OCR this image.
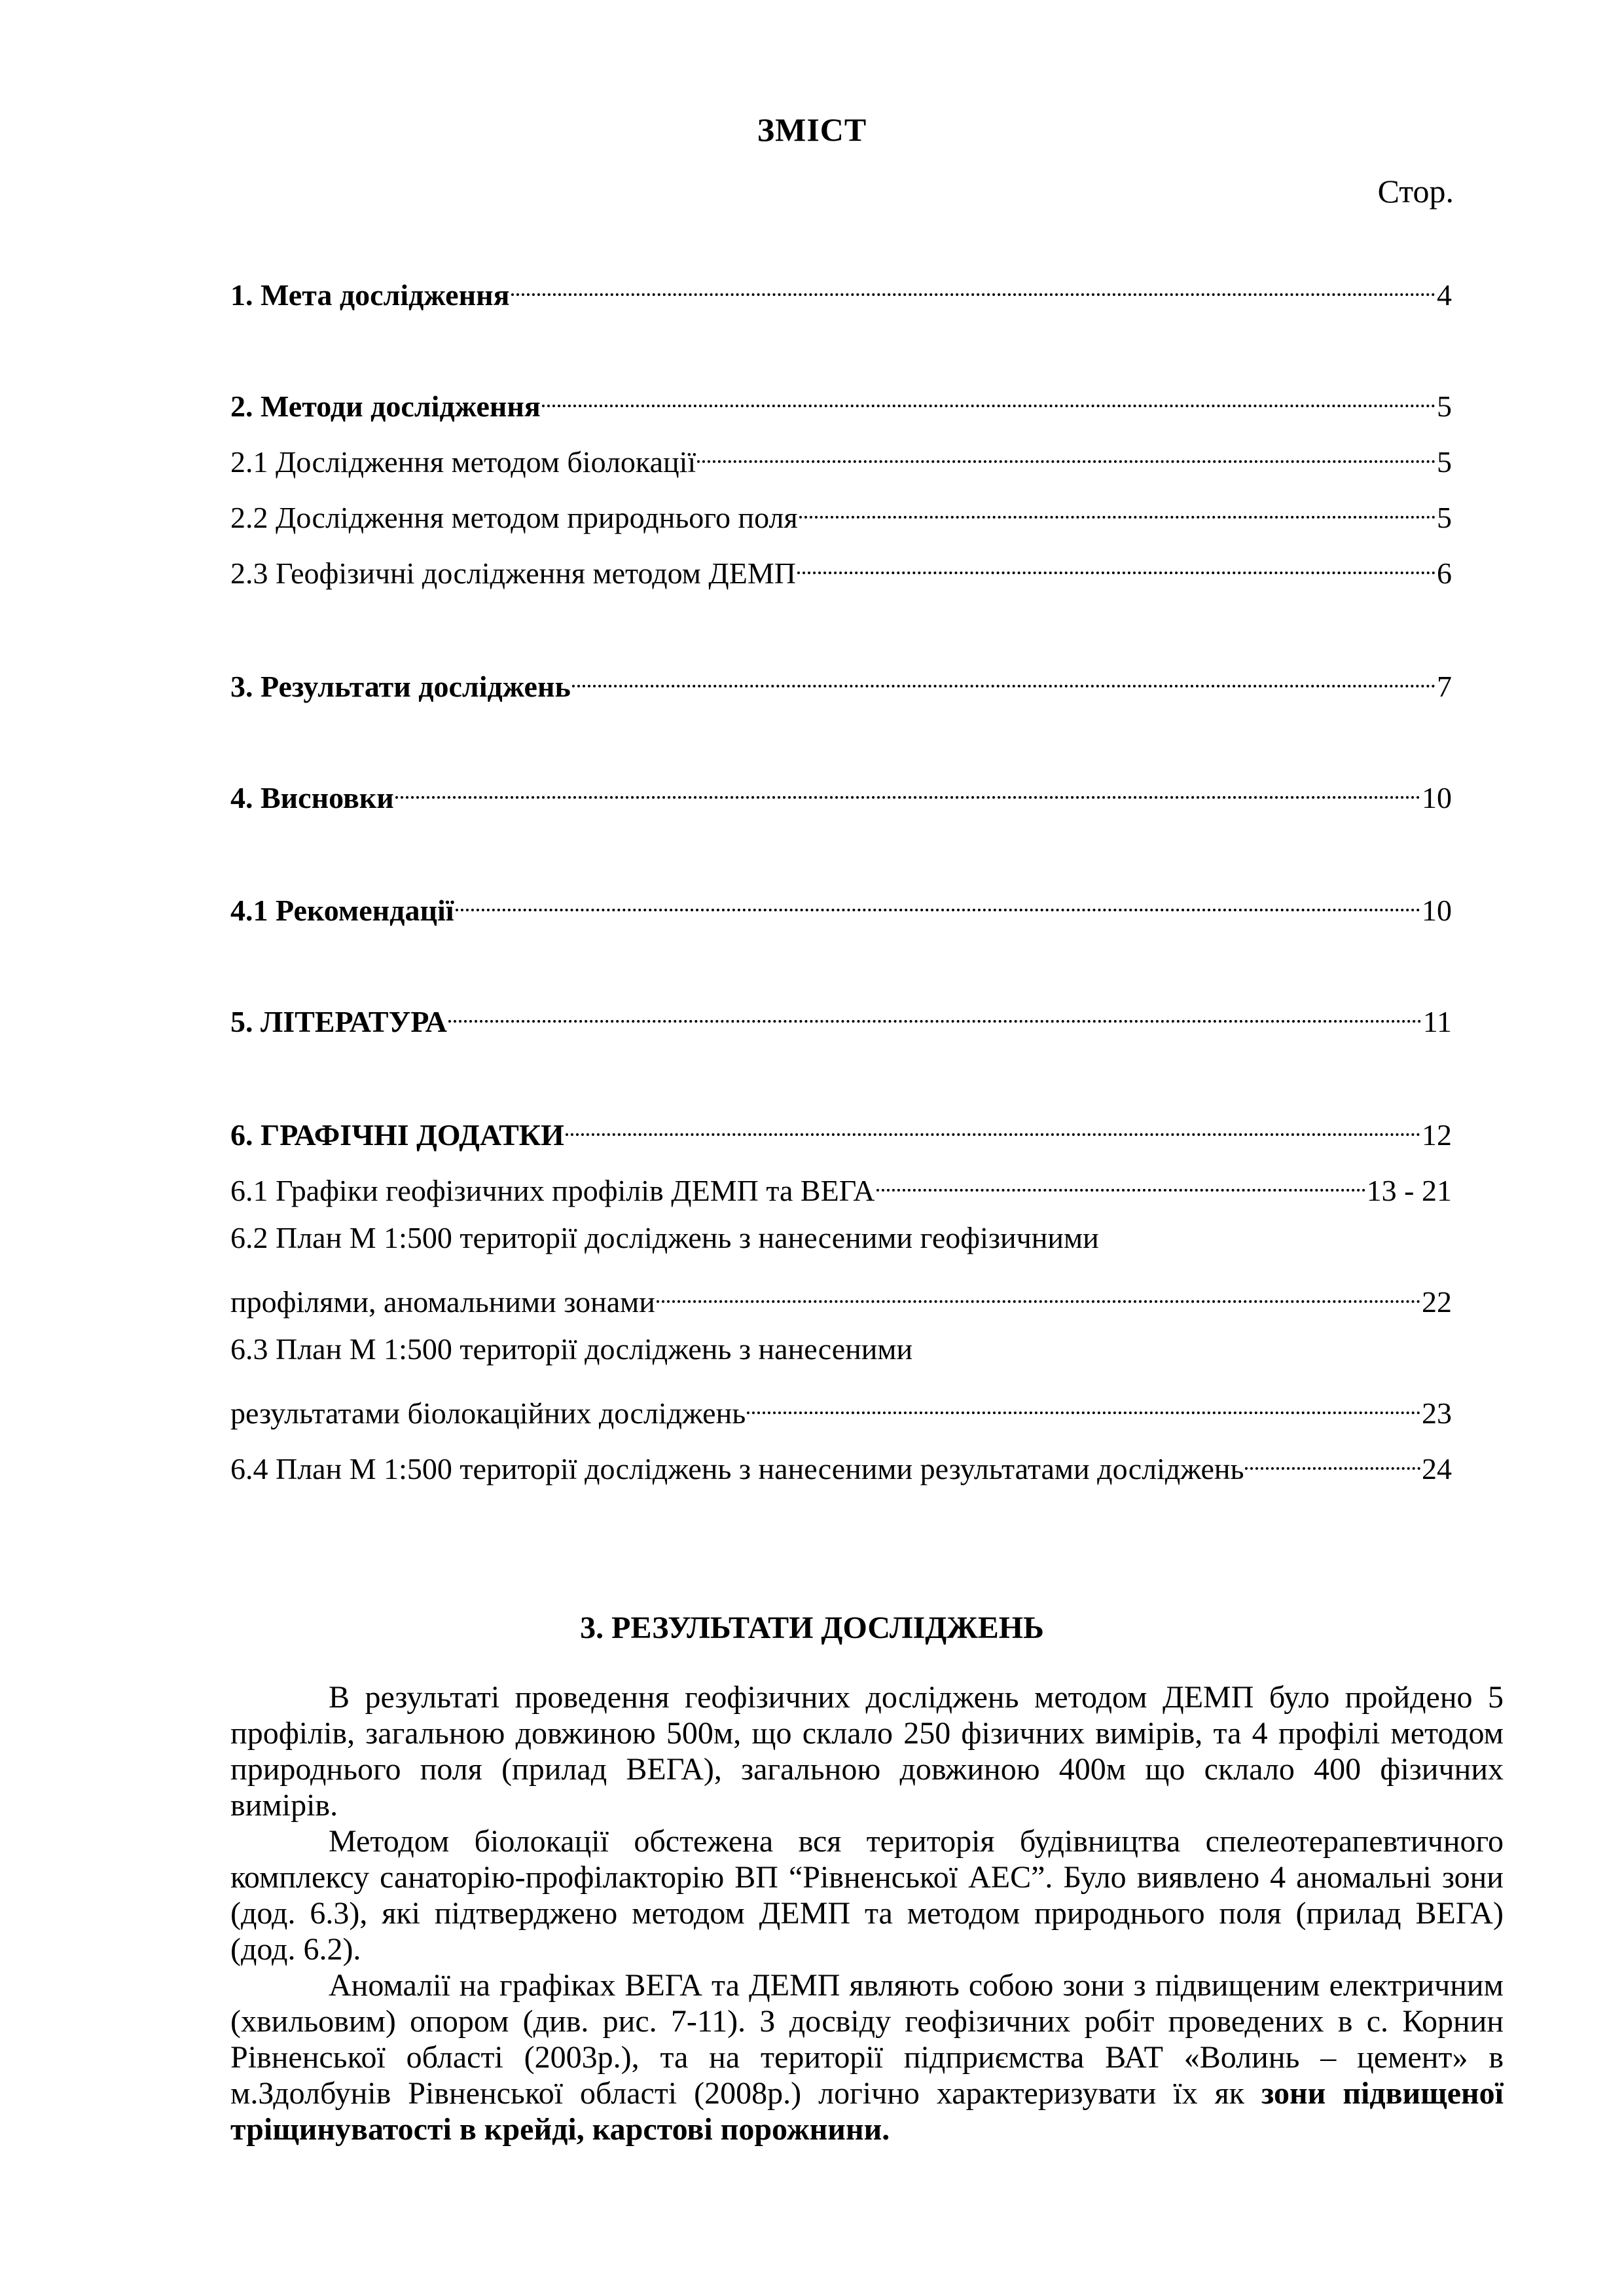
ЗМІСТ
Стор.
1. Мета дослідження	4
2. Методи дослідження	5
2.1 Дослідження методом біолокації	5
2.2 Дослідження методом природнього поля	5
2.3 Геофізичні дослідження методом ДЕМП	6
3. Результати досліджень	7
4. Висновки	10
4.1 Рекомендації	10
5. ЛІТЕРАТУРА	11
6. ГРАФІЧНІ ДОДАТКИ	12
6.1 Графіки геофізичних профілів ДЕМП та ВЕГА	13 - 21
6.2 План М 1:500 території досліджень з нанесеними геофізичними
профілями, аномальними зонами	22
6.3 План М 1:500 території досліджень з нанесеними
результатами біолокаційних досліджень	23
6.4 План М 1:500 території досліджень з нанесеними результатами досліджень	24
3. РЕЗУЛЬТАТИ ДОСЛІДЖЕНЬ

В результаті проведення геофізичних досліджень методом ДЕМП було пройдено 5 профілів, загальною довжиною 500м, що склало 250 фізичних вимірів, та 4 профілі методом природнього поля (прилад ВЕГА), загальною довжиною 400м що склало 400 фізичних вимірів.

Методом біолокації обстежена вся територія будівництва спелеотерапевтичного комплексу санаторію-профілакторію ВП “Рівненської АЕС”. Було виявлено 4 аномальні зони (дод. 6.3), які підтверджено методом ДЕМП та методом природнього поля (прилад ВЕГА) (дод. 6.2).

Аномалії на графіках ВЕГА та ДЕМП являють собою зони з підвищеним електричним (хвильовим) опором (див. рис. 7-11). З досвіду геофізичних робіт проведених в с. Корнин Рівненської області (2003р.), та на території підприємства ВАТ «Волинь – цемент» в м.Здолбунів Рівненської області (2008р.) логічно характеризувати їх як зони підвищеної тріщинуватості в крейді, карстові порожнини.
